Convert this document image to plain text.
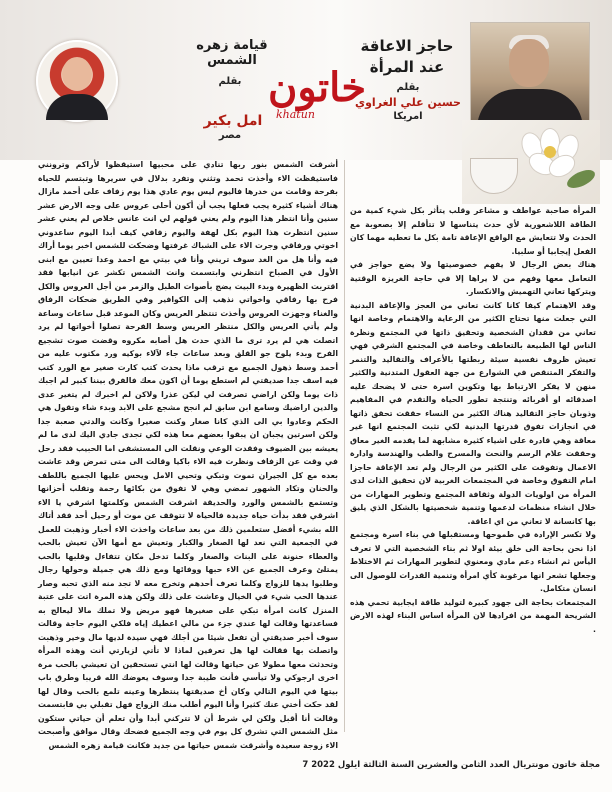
خاتون
khatun
قيامة زهره الشمس
بقلم
امل بكير
مصر
حاجز الاعاقة عند المرأة
بقلم
حسين علي الغراوي
امريكا

أشرقت الشمس بنور ربها تنادي على محبيها استيقظوا لأراكم وترونني فاستيقظت الاء وأخذت تحمد وتثني وتفرد بدلال في سريرها وتبتسم للحياة بفرحة وقامت من خدرها فاليوم ليس يوم عادي هذا يوم زفاف على أحمد مازال هناك أشياء كثيرة يجب فعلها يجب أن أكون أحلى عروس على وجه الارض عشر سنين وأنا انتظر هذا اليوم ولم يعني قولهم لي انت عانس خلاص لم يعني عشر سنين انتظرت هذا اليوم بكل لهفة واليوم زفافي كيف أبدا اليوم ساعدوني اخوتي ورفاقي وجرت الاء على الشباك غرفتها وضحكت للشمس اخبر يوما أراك فيه وأنا هل من الغد سوف تريني وأنا في بيتي مع احمد وعدا تعيين مع ابنى الأول في الصباح انتظرني وابتسمت وانت الشمس تكشر عن انيابها فقد اقتربت الظهيرة وبدء البيت يضج بأصوات الطبل والزمر من أجل العروس والكل فرح بها رفاقي واخواتي نذهب إلى الكوافير وفي الطريق ضحكات الرفاق والغناء وجهزت العروس وأخذت تنتظر العريس وكان الموعد قبل ساعات وساعة ولم يأتي العريس والكل منتظر العريس وسط الفرحة تصلوا أخواتها لم يرد اتصلت هي لم يرد ترى ما الذي حدث هل أصابه مكروه وقضت صوت تشجيع الفرح وبدء يلوح جو القلق وبعد ساعات جاء لآلاء بوكيه ورد مكتوب عليه من أحمد وسط ذهول الجميع مع ترقب ماذا يحدث كتب كارت صغير مع الورد كتب فيه اسف جدا صديقتي لم استطع يوما أن اكون معك فالفرق بيننا كبير لم اجبك ذات يوما ولكن اراضي تصرفت لي ليكن عذرا ولاكن لم اخبرك لم يتغير عدى والدين اراضيك وسامع ابن سابق لم انجح مشجع على الابد وبدء شاء وتقول هي الحكم وعادوا بي الى الذي كانا صغار وكنت صغيرا وكانت والدتي صعبة جدا ولكن اسرتين يجبان ان يبقوا بعضهم معا هذه لكي تجدى جادي اليك لدى ما لم يعيشه بين الضيوف وفقدت الوعي ونقلت الى المستشفى اما الحبيب فقد رحل في وقت عن الزفاف ونظرت فيه الاء باكيا وقالت الى متى تمرض وقد عاشت بعده مع كل الجيران تموت وتبكي وتحيي الامل ويحس عليها الجميع باللطف والحنان وتكاد الشهور تمضي وهي لا تفوق من بكائها رحمة وتقلب أحزانها وتستمع بالشمس والورد والحديقة اشرقت الشمس وكلمتها اشرقي يا الاء اشرقي فقد بدأت حياة جديدة فالحياة لا تتوقف عن موت أو رحيل أحد فقد أتاك الله بشيء أفضل ستعلمين ذلك من بعد ساعات واخذت الاء أخبار وذهبت للعمل في الجمعية التي نعد لها الصغار والكبار وتعيش مع أمها الآن تعيش بالحب والعطاء حنونة على البنات والصغار وكلما تدخل مكان تتفاءل وقلبها بالحب يمتلئ وعرف الجميع عن الاء حبها ووفائها ومع ذلك هي جميلة وحولها رجال وطلبوا يدها للزواج وكلما تعرف أحدهم وتخرج معه لا تجد منه الذي تحبه وصار عندها الحب شيء في الخيال وعاشت على ذلك ولكن هذه المرة اتت على عتبة المنزل كانت امرأة تبكي على صغيرها فهو مريض ولا تملك مالا ليعالج به فساعدتها وقالت لها عندي جزء من مالي اعطيك إياه فلكي اليوم حاجة وقالت سوف أخبر صديقتي أن تفعل شيئا من أجلك فهي سيدة لديها مال وخير وذهبت واتصلت بها فقالت لها هل تعرفين لماذا لا تأتي لزيارتي أنت وهذه المرأة وتحدثت معها مطولا عن حياتها وقالت لها انتي تستحقين ان تعيشي بالحب مرة اخرى ارجوكي ولا تيأسي فأنت طيبة جدا وسوف يعوضك الله قريبا وطرق باب بيتها في اليوم التالي وكان أخ صديقتها ينتظرها وعينه تلمع بالحب وقال لها لقد حكت أختي عنك كثيرا وأنا اليوم أطلب منك الزواج فهل تقبلي بي فابتسمت وقالت أنا أقبل ولكن لي شرط أن لا تتركني أبدا وأن تعلم أن حياتي ستكون مثل الشمس التي تشرق كل يوم في وجه الجميع فضحك وقال موافق وأصبحت الاء زوجة سعيدة وأشرقت شمس حياتها من جديد فكانت قيامة زهره الشمس

المرأة صاحبة عواطف و مشاعر وقلب يتأثر بكل شيء كمية من الطاقة اللاشعورية لأي حدث يتناسها لا تتأقلم إلا بصعوبة مع الحدث ولا تتعايش مع الواقع الإعاقة تامة بكل ما تعطيه مهما كان الفعل إيجابيا أو سلبيا.

هناك بعض الرجال لا يفهم خصوصيتها ولا يضع حواجز في التعامل معها وفهم من لا يراها إلا في حاجة الغريزة الوقتية ويتركها تعاني التهميش والانكسار.

وقد الاهتمام كيفا كانا كانت تعاني من العجز والإعاقة البدنية التي جعلت منها تحتاج الكثير من الرعاية والاهتمام وخاصة انها تعاني من فقدان الشخصية وتحقيق ذاتها في المجتمع ونظرة الناس لها الطبيعة بالتعاطف وخاصة في المجتمع الشرقي فهي تعيش ظروف نفسية سيئة ربطتها بالأعراف والتقاليد والتنمر والتفكر المتنقص في الشوارع من جهة العقول المتدنية والكثير منهن لا يفكر الارتباط بها وتكوين اسرة حتى لا يضحك عليه اصدقائه او أقربائه وتنتجة تطور الحياة والتقدم في المفاهيم وذوبان حاجز التقاليد هناك الكثير من النساء حققت تحقق ذاتها في انجازات تفوق قدرتها البدنية لكي تثبت المجتمع انها غير معاقة وهي قادرة على اشياء كثيرة مشابهة لما يقدمه الغير معاق وحققت علام الرسم والنحت والمسرح والطب والهندسة وادارة الاعمال وتفوقت على الكثير من الرجال ولم تعد الإعاقة حاجزا امام التفوق وخاصة في المجتمعات الغربية لان تحقيق الذات لدى المرأة من اولويات الدولة وثقافة المجتمع وتطوير المهارات من خلال انشاء منظمات لدعمها وتنمية شخصيتها بالشكل الذي يليق بها كانسانة لا تعاني من اي اعاقة.

ولا تكسر الإرادة في طموحها ومستقبلها في بناء اسرة ومجتمع اذا نحن بحاجة الى خلق بيئة اولا ثم بناء الشخصية التي لا تعرف اليأس ثم انشاء دعم مادي ومعنوي لتطوير المهارات ثم الاختلاط وجعلها تشعر انها مرغوبة كأي امرأة وتنمية القدرات للوصول الى انسان متكامل.

المجتمعات بحاجة الى جهود كبيرة لتوليد طاقة ايجابية تحمي هذه الشريحة المهمة من افرادها لان المرأة اساس البناء لهذه الارض .

مجلة خاتون مونتريال العدد الثامن والعشرين السنة الثالثة ايلول 2022 7
